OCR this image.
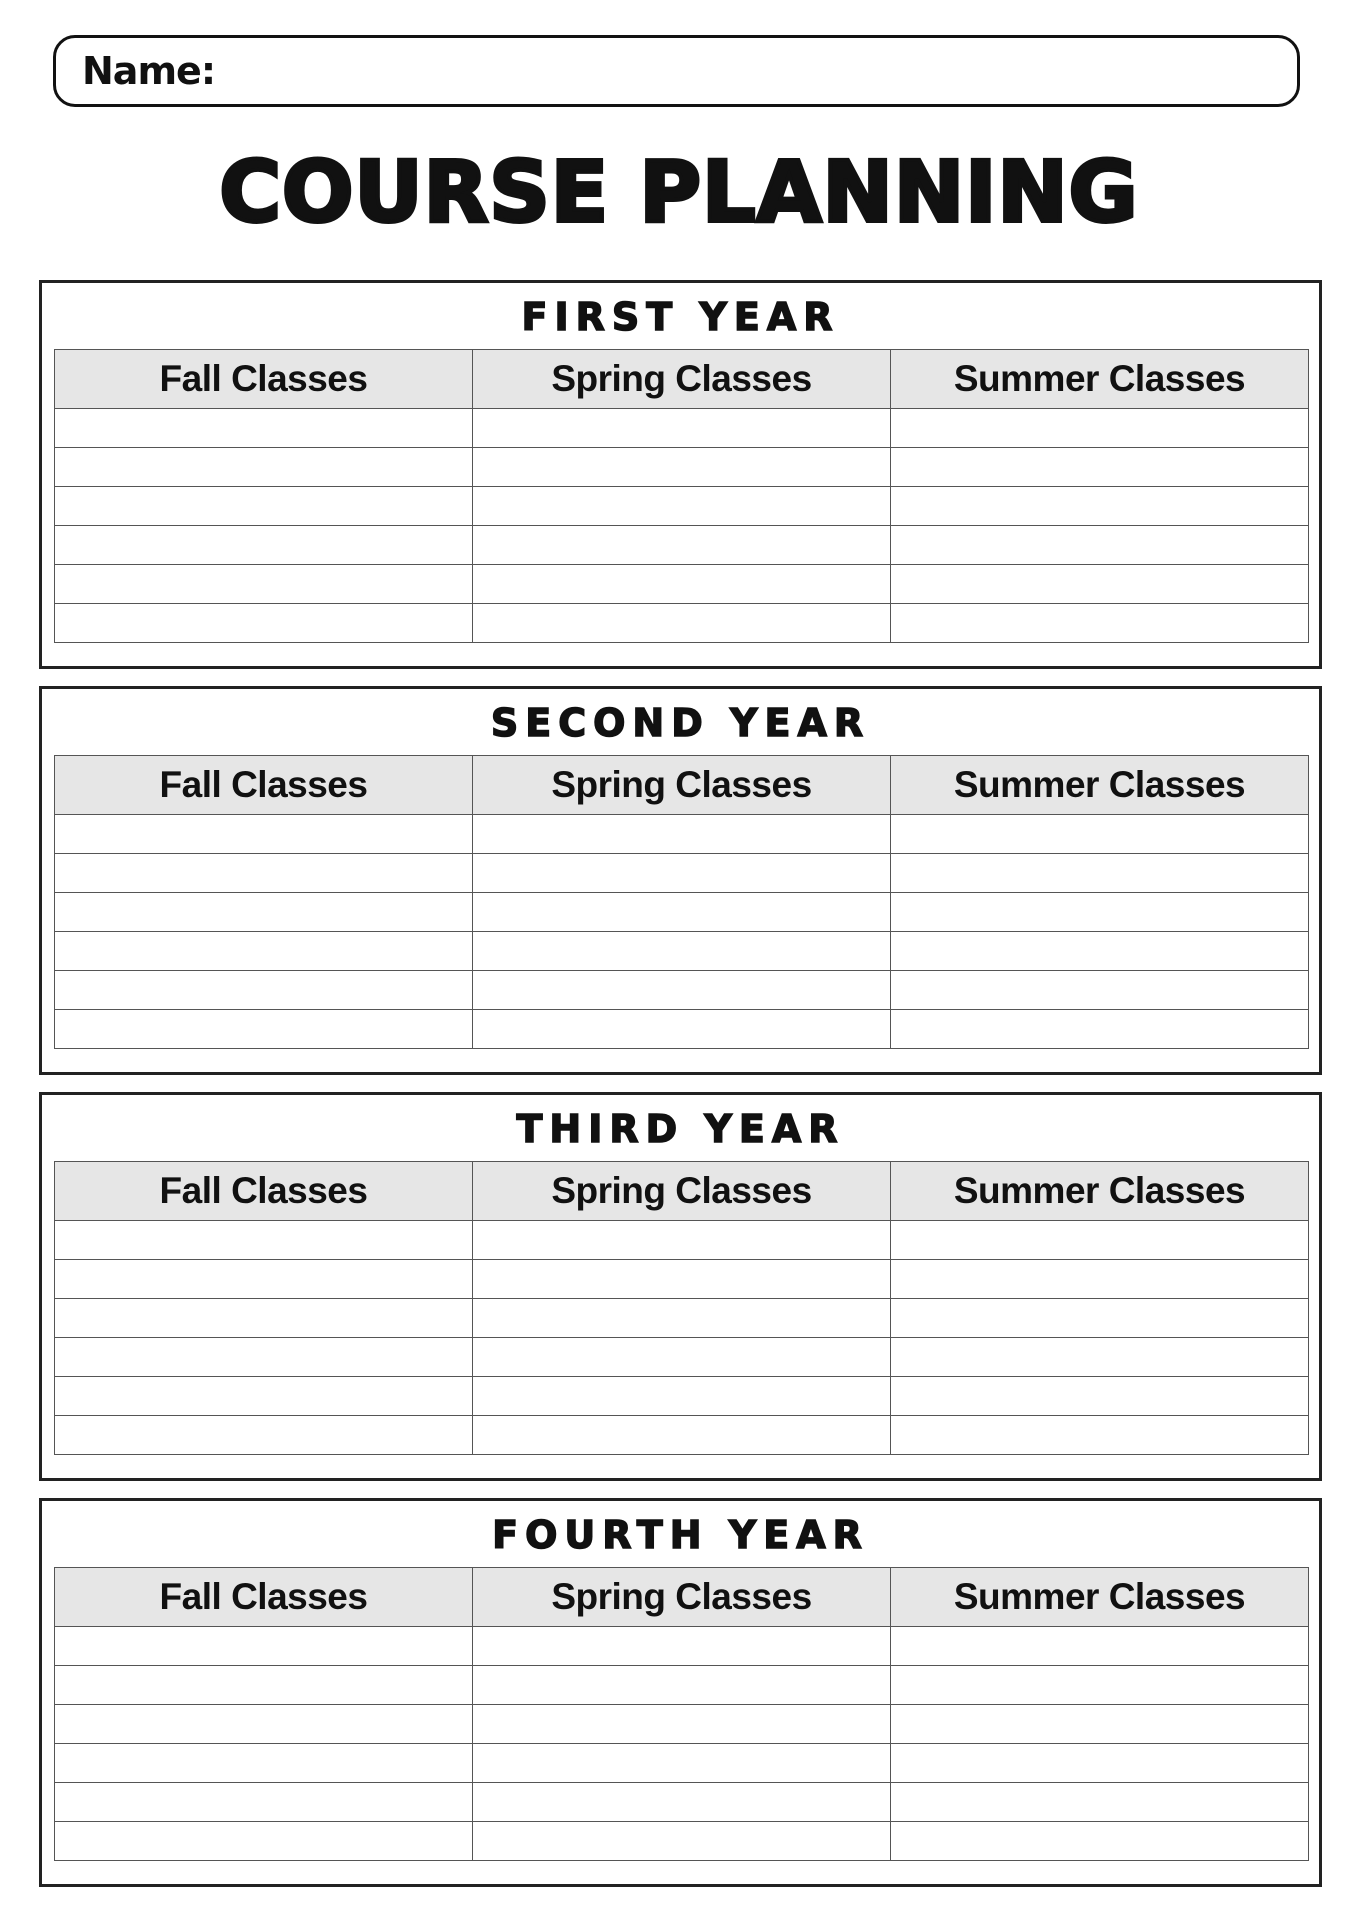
Name:
COURSE PLANNING
FIRST YEAR
Fall Classes	Spring Classes	Summer Classes

SECOND YEAR
Fall Classes	Spring Classes	Summer Classes

THIRD YEAR
Fall Classes	Spring Classes	Summer Classes

FOURTH YEAR
Fall Classes	Spring Classes	Summer Classes
